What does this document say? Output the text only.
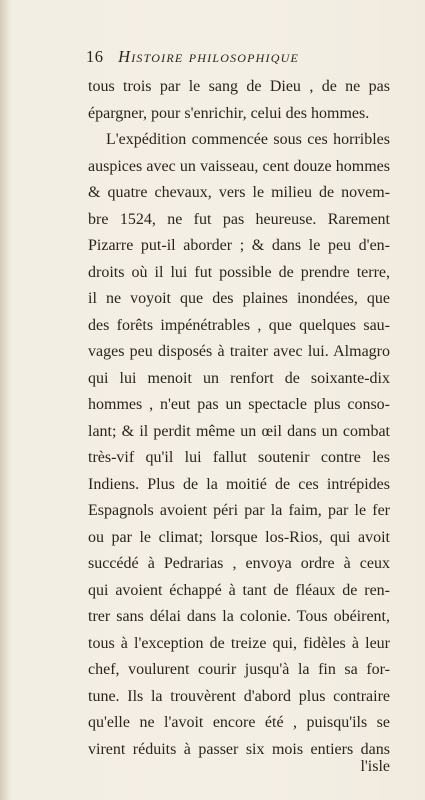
16 Histoire philosophique
tous trois par le sang de Dieu , de ne pas
épargner, pour s'enrichir, celui des hommes.
L'expédition commencée sous ces horribles
auspices avec un vaisseau, cent douze hommes
& quatre chevaux, vers le milieu de novem-
bre 1524, ne fut pas heureuse. Rarement
Pizarre put-il aborder ; & dans le peu d'en-
droits où il lui fut possible de prendre terre,
il ne voyoit que des plaines inondées, que
des forêts impénétrables , que quelques sau-
vages peu disposés à traiter avec lui. Almagro
qui lui menoit un renfort de soixante-dix
hommes , n'eut pas un spectacle plus conso-
lant; & il perdit même un œil dans un combat
très-vif qu'il lui fallut soutenir contre les
Indiens. Plus de la moitié de ces intrépides
Espagnols avoient péri par la faim, par le fer
ou par le climat; lorsque los-Rios, qui avoit
succédé à Pedrarias , envoya ordre à ceux
qui avoient échappé à tant de fléaux de ren-
trer sans délai dans la colonie. Tous obéirent,
tous à l'exception de treize qui, fidèles à leur
chef, voulurent courir jusqu'à la fin sa for-
tune. Ils la trouvèrent d'abord plus contraire
qu'elle ne l'avoit encore été , puisqu'ils se
virent réduits à passer six mois entiers dans
l'isle
